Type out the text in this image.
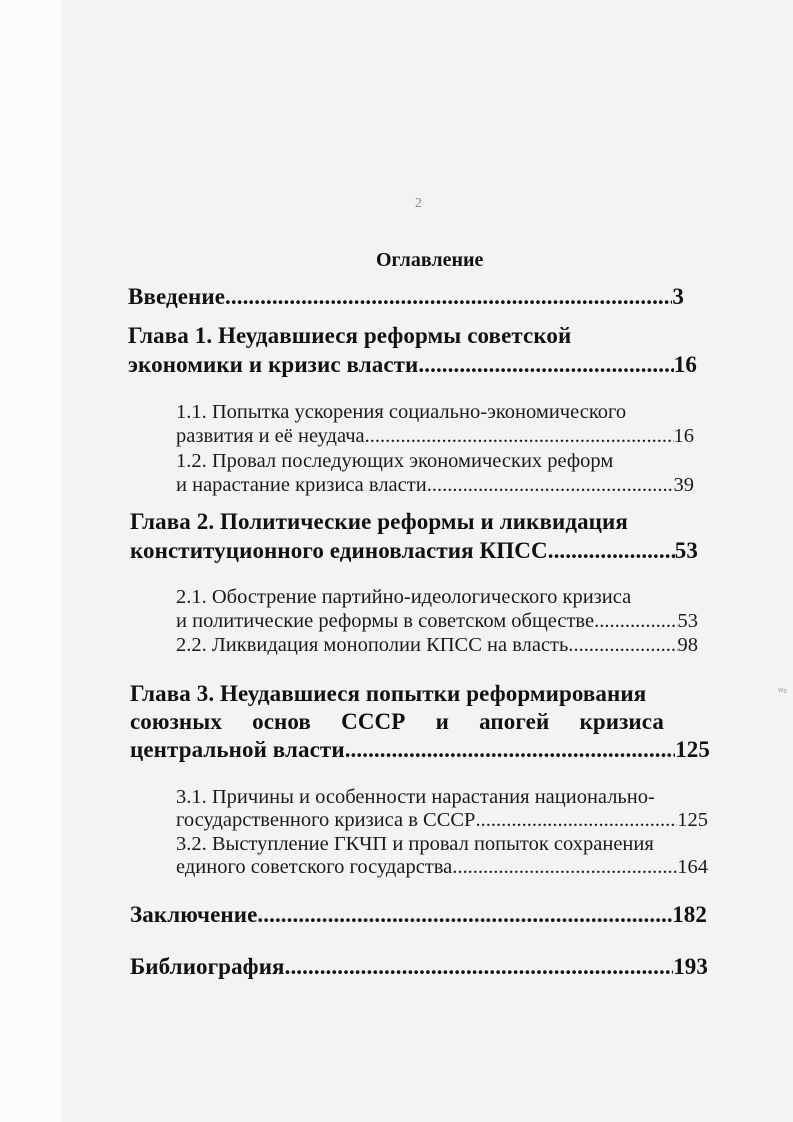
ᵂᵡ
2
Оглавление
Введение .....	3
Глава 1. Неудавшиеся реформы советской
экономики и кризис власти .....	16
1.1. Попытка ускорения социально-экономического
развития и её неудача .....	16
1.2. Провал последующих экономических реформ
и нарастание кризиса власти .....	39
Глава 2. Политические реформы и ликвидация
конституционного единовластия КПСС .....	53
2.1. Обострение партийно-идеологического кризиса
и политические реформы в советском обществе .....	53
2.2. Ликвидация монополии КПСС на власть .....	98
Глава 3. Неудавшиеся попытки реформирования
союзных основ СССР и апогей кризиса
центральной власти .....	125
3.1. Причины и особенности нарастания национально-
государственного кризиса в СССР .....	125
3.2. Выступление ГКЧП и провал попыток сохранения
единого советского государства .....	164
Заключение .....	182
Библиография .....	193
